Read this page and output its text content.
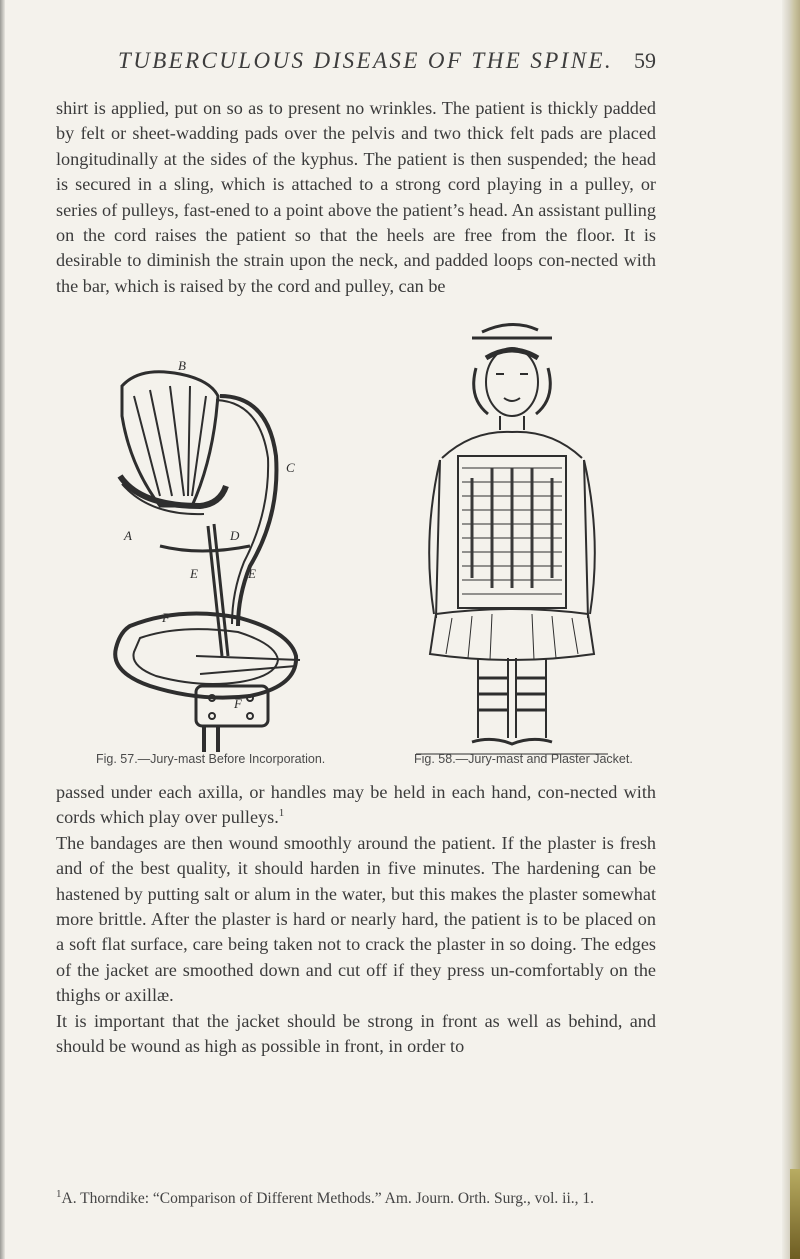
TUBERCULOUS DISEASE OF THE SPINE. 59

shirt is applied, put on so as to present no wrinkles. The patient is thickly padded by felt or sheet-wadding pads over the pelvis and two thick felt pads are placed longitudinally at the sides of the kyphus. The patient is then suspended; the head is secured in a sling, which is attached to a strong cord playing in a pulley, or series of pulleys, fast-ened to a point above the patient’s head. An assistant pulling on the cord raises the patient so that the heels are free from the floor. It is desirable to diminish the strain upon the neck, and padded loops con-nected with the bar, which is raised by the cord and pulley, can be

B
C
A	D
E	E
F
F
Fig. 57.—Jury-mast Before Incorporation.	Fig. 58.—Jury-mast and Plaster Jacket.

passed under each axilla, or handles may be held in each hand, con-nected with cords which play over pulleys.$^1$

The bandages are then wound smoothly around the patient. If the plaster is fresh and of the best quality, it should harden in five minutes. The hardening can be hastened by putting salt or alum in the water, but this makes the plaster somewhat more brittle. After the plaster is hard or nearly hard, the patient is to be placed on a soft flat surface, care being taken not to crack the plaster in so doing. The edges of the jacket are smoothed down and cut off if they press un-comfortably on the thighs or axillæ.

It is important that the jacket should be strong in front as well as behind, and should be wound as high as possible in front, in order to

$^1$A. Thorndike: “Comparison of Different Methods.” Am. Journ. Orth. Surg., vol. ii., 1.
